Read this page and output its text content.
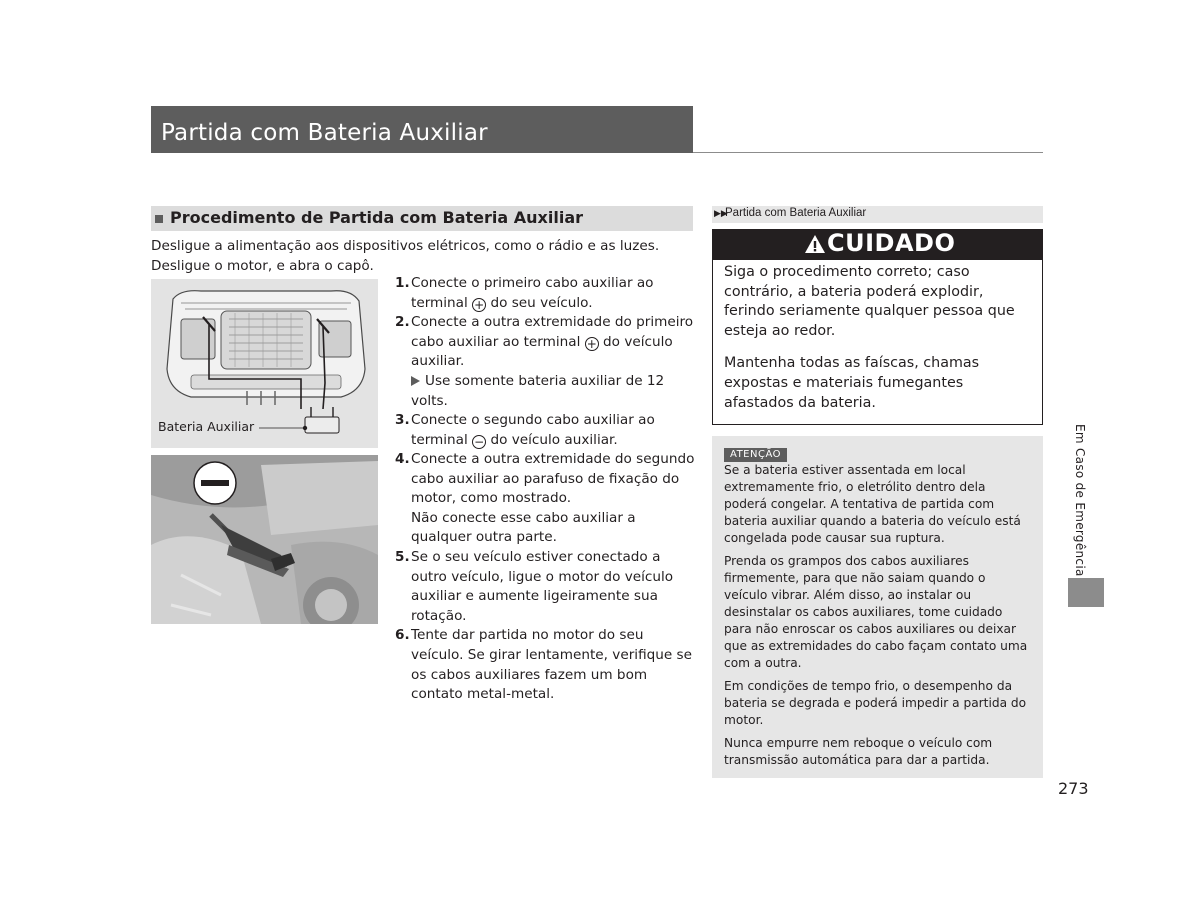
Partida com Bateria Auxiliar
Procedimento de Partida com Bateria Auxiliar
Desligue a alimentação aos dispositivos elétricos, como o rádio e as luzes. Desligue o motor, e abra o capô.
Bateria Auxiliar
1. Conecte o primeiro cabo auxiliar ao terminal + do seu veículo.
2. Conecte a outra extremidade do primeiro cabo auxiliar ao terminal + do veículo auxiliar.
Use somente bateria auxiliar de 12 volts.
3. Conecte o segundo cabo auxiliar ao terminal − do veículo auxiliar.
4. Conecte a outra extremidade do segundo cabo auxiliar ao parafuso de fixação do motor, como mostrado.
Não conecte esse cabo auxiliar a qualquer outra parte.
5. Se o seu veículo estiver conectado a outro veículo, ligue o motor do veículo auxiliar e aumente ligeiramente sua rotação.
6. Tente dar partida no motor do seu veículo. Se girar lentamente, verifique se os cabos auxiliares fazem um bom contato metal-metal.
▶▶
Partida com Bateria Auxiliar
CUIDADO

Siga o procedimento correto; caso contrário, a bateria poderá explodir, ferindo seriamente qualquer pessoa que esteja ao redor.

Mantenha todas as faíscas, chamas expostas e materiais fumegantes afastados da bateria.

ATENÇÃO

Se a bateria estiver assentada em local extremamente frio, o eletrólito dentro dela poderá congelar. A tentativa de partida com bateria auxiliar quando a bateria do veículo está congelada pode causar sua ruptura.

Prenda os grampos dos cabos auxiliares firmemente, para que não saiam quando o veículo vibrar. Além disso, ao instalar ou desinstalar os cabos auxiliares, tome cuidado para não enroscar os cabos auxiliares ou deixar que as extremidades do cabo façam contato uma com a outra.

Em condições de tempo frio, o desempenho da bateria se degrada e poderá impedir a partida do motor.

Nunca empurre nem reboque o veículo com transmissão automática para dar a partida.

Em Caso de Emergência
273
